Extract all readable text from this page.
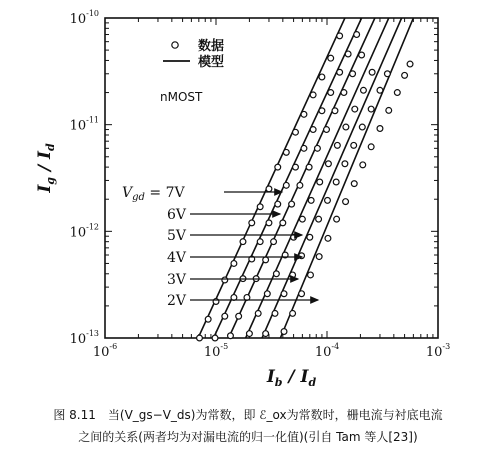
$10^{-6}$	$10^{-5}$	$10^{-4}$	$10^{-3}$
$10^{-13}$
$10^{-12}$
$10^{-11}$
$10^{-10}$
$I_b / I_d$
$I_g / I_d$
数据
模型
nMOST
$V_{gd} = 7V$
6V
5V
4V
3V
2V
图 8.11　当(V_gs−V_ds)为常数，即 ℰ_ox为常数时，栅电流与衬底电流
之间的关系(两者均为对漏电流的归一化值)(引自 Tam 等人[23])
